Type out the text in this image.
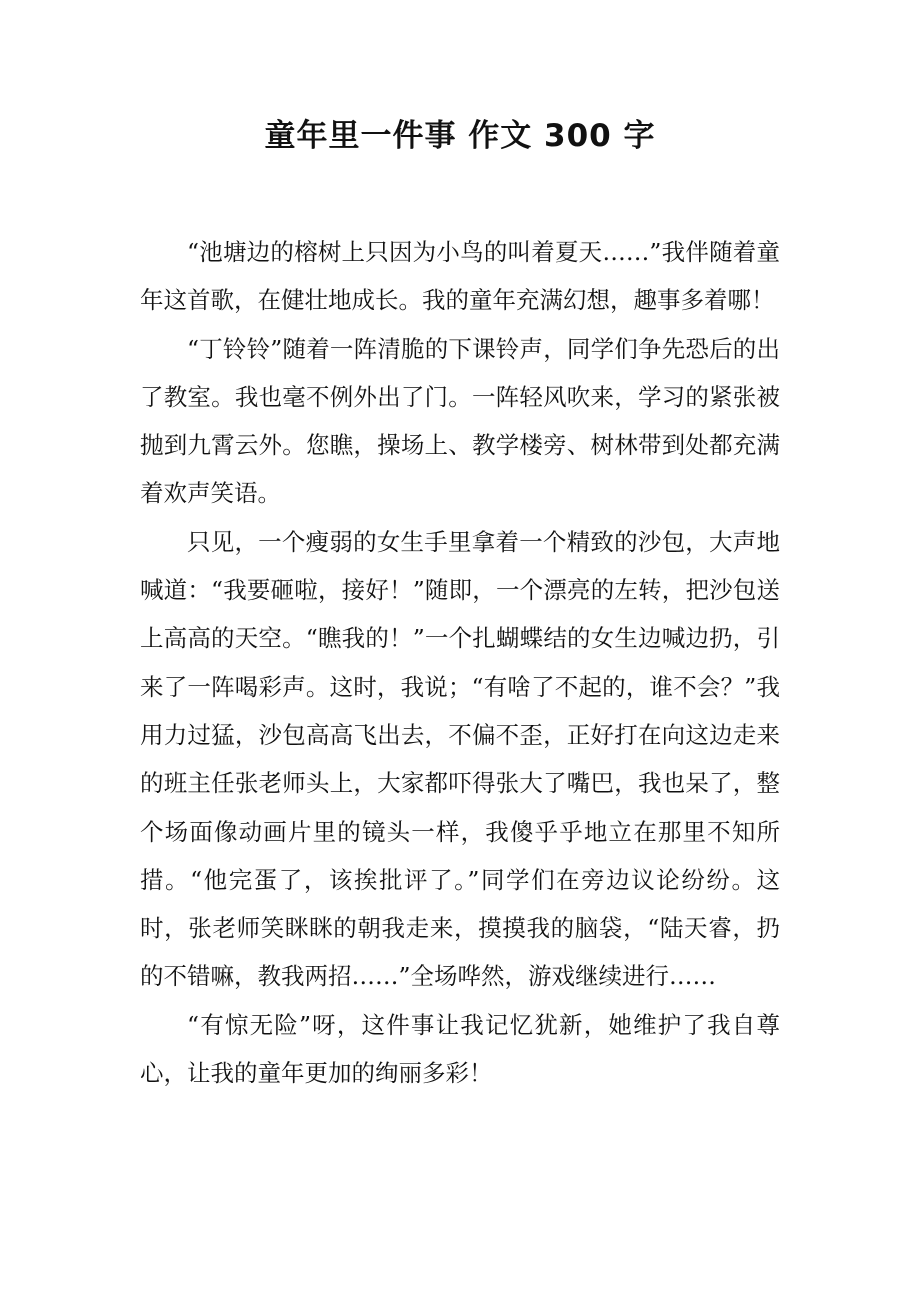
童年里一件事 作文 300 字

“池塘边的榕树上只因为小鸟的叫着夏天……”我伴随着童年这首歌，在健壮地成长。我的童年充满幻想，趣事多着哪！

“丁铃铃”随着一阵清脆的下课铃声，同学们争先恐后的出了教室。我也毫不例外出了门。一阵轻风吹来，学习的紧张被抛到九霄云外。您瞧，操场上、教学楼旁、树林带到处都充满着欢声笑语。

只见，一个瘦弱的女生手里拿着一个精致的沙包，大声地喊道：“我要砸啦，接好！”随即，一个漂亮的左转，把沙包送上高高的天空。“瞧我的！”一个扎蝴蝶结的女生边喊边扔，引来了一阵喝彩声。这时，我说；“有啥了不起的，谁不会？”我用力过猛，沙包高高飞出去，不偏不歪，正好打在向这边走来的班主任张老师头上，大家都吓得张大了嘴巴，我也呆了，整个场面像动画片里的镜头一样，我傻乎乎地立在那里不知所措。“他完蛋了，该挨批评了。”同学们在旁边议论纷纷。这时，张老师笑眯眯的朝我走来，摸摸我的脑袋，“陆天睿，扔的不错嘛，教我两招……”全场哗然，游戏继续进行……

“有惊无险”呀，这件事让我记忆犹新，她维护了我自尊心，让我的童年更加的绚丽多彩！
